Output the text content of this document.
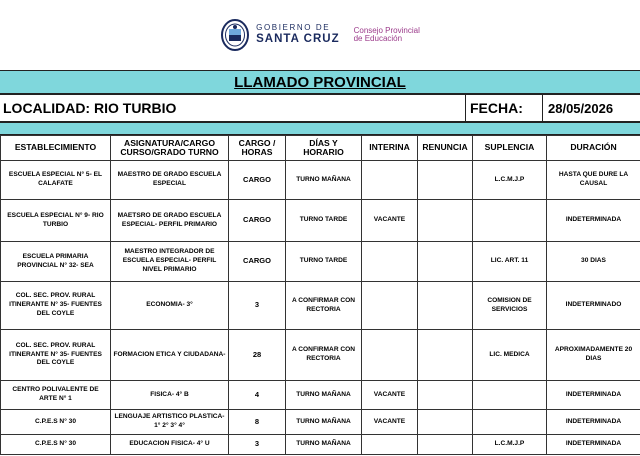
GOBIERNO DE
SANTA CRUZ
Consejo Provincial
de Educación
LLAMADO PROVINCIAL
LOCALIDAD: RIO TURBIO	FECHA:	28/05/2026
ESTABLECIMIENTO	ASIGNATURA/CARGO CURSO/GRADO TURNO	CARGO / HORAS	DÍAS Y HORARIO	INTERINA	RENUNCIA	SUPLENCIA	DURACIÓN
ESCUELA ESPECIAL N° 5- EL CALAFATE	MAESTRO DE GRADO ESCUELA ESPECIAL	CARGO	TURNO MAÑANA			L.C.M.J.P	HASTA QUE DURE LA CAUSAL
ESCUELA ESPECIAL N° 9- RIO TURBIO	MAETSRO DE GRADO ESCUELA ESPECIAL- PERFIL PRIMARIO	CARGO	TURNO TARDE	VACANTE			INDETERMINADA
ESCUELA PRIMARIA PROVINCIAL N° 32- SEA	MAESTRO INTEGRADOR DE ESCUELA ESPECIAL- PERFIL NIVEL PRIMARIO	CARGO	TURNO TARDE			LIC. ART. 11	30 DIAS
COL. SEC. PROV. RURAL ITINERANTE N° 35- FUENTES DEL COYLE	ECONOMIA- 3°	3	A CONFIRMAR CON RECTORIA			COMISION DE SERVICIOS	INDETERMINADO
COL. SEC. PROV. RURAL ITINERANTE N° 35- FUENTES DEL COYLE	FORMACION ETICA Y CIUDADANA-	28	A CONFIRMAR CON RECTORIA			LIC. MEDICA	APROXIMADAMENTE 20 DIAS
CENTRO POLIVALENTE DE ARTE N° 1	FISICA- 4° B	4	TURNO MAÑANA	VACANTE			INDETERMINADA
C.P.E.S N° 30	LENGUAJE ARTISTICO PLASTICA- 1° 2° 3° 4°	8	TURNO MAÑANA	VACANTE			INDETERMINADA
C.P.E.S N° 30	EDUCACION FISICA- 4° U	3	TURNO MAÑANA			L.C.M.J.P	INDETERMINADA
